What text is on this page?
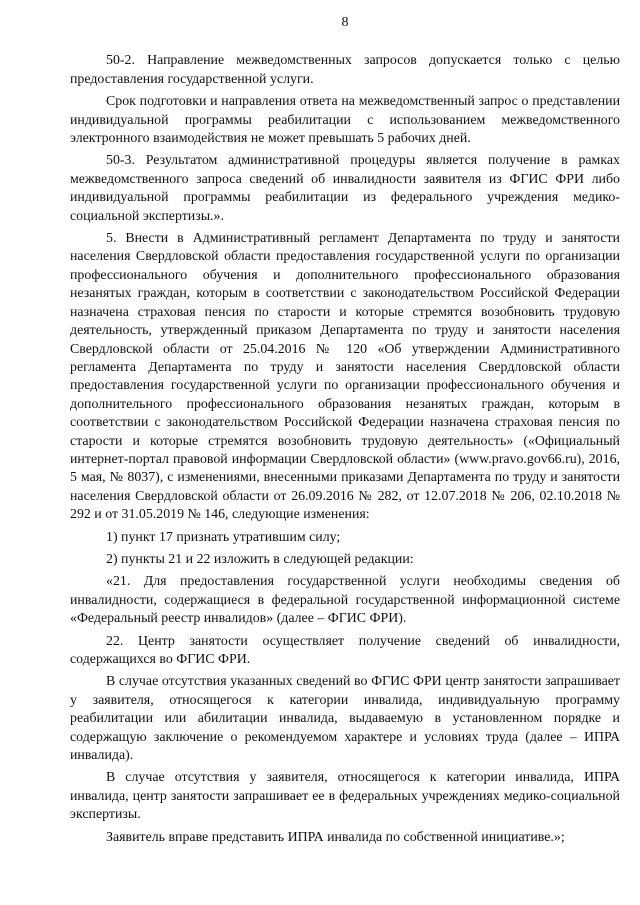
8

50-2. Направление межведомственных запросов допускается только с целью предоставления государственной услуги.

Срок подготовки и направления ответа на межведомственный запрос о представлении индивидуальной программы реабилитации с использованием межведомственного электронного взаимодействия не может превышать 5 рабочих дней.

50-3. Результатом административной процедуры является получение в рамках межведомственного запроса сведений об инвалидности заявителя из ФГИС ФРИ либо индивидуальной программы реабилитации из федерального учреждения медико-социальной экспертизы.».

5. Внести в Административный регламент Департамента по труду и занятости населения Свердловской области предоставления государственной услуги по организации профессионального обучения и дополнительного профессионального образования незанятых граждан, которым в соответствии с законодательством Российской Федерации назначена страховая пенсия по старости и которые стремятся возобновить трудовую деятельность, утвержденный приказом Департамента по труду и занятости населения Свердловской области от 25.04.2016 № 120 «Об утверждении Административного регламента Департамента по труду и занятости населения Свердловской области предоставления государственной услуги по организации профессионального обучения и дополнительного профессионального образования незанятых граждан, которым в соответствии с законодательством Российской Федерации назначена страховая пенсия по старости и которые стремятся возобновить трудовую деятельность» («Официальный интернет-портал правовой информации Свердловской области» (www.pravo.gov66.ru), 2016, 5 мая, № 8037), с изменениями, внесенными приказами Департамента по труду и занятости населения Свердловской области от 26.09.2016 № 282, от 12.07.2018 № 206, 02.10.2018 № 292 и от 31.05.2019 № 146, следующие изменения:

1) пункт 17 признать утратившим силу;

2) пункты 21 и 22 изложить в следующей редакции:

«21. Для предоставления государственной услуги необходимы сведения об инвалидности, содержащиеся в федеральной государственной информационной системе «Федеральный реестр инвалидов» (далее – ФГИС ФРИ).

22. Центр занятости осуществляет получение сведений об инвалидности, содержащихся во ФГИС ФРИ.

В случае отсутствия указанных сведений во ФГИС ФРИ центр занятости запрашивает у заявителя, относящегося к категории инвалида, индивидуальную программу реабилитации или абилитации инвалида, выдаваемую в установленном порядке и содержащую заключение о рекомендуемом характере и условиях труда (далее – ИПРА инвалида).

В случае отсутствия у заявителя, относящегося к категории инвалида, ИПРА инвалида, центр занятости запрашивает ее в федеральных учреждениях медико-социальной экспертизы.

Заявитель вправе представить ИПРА инвалида по собственной инициативе.»;
